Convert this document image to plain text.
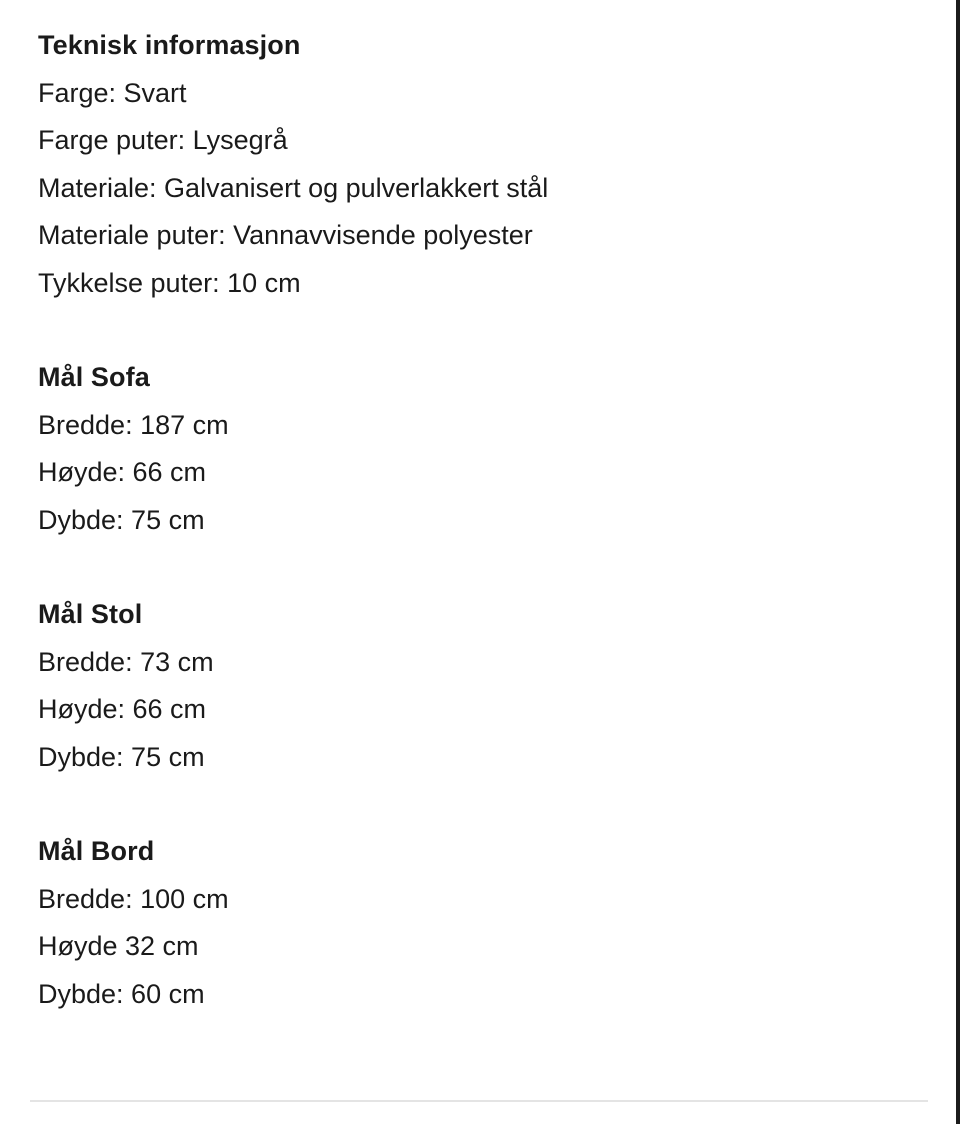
Teknisk informasjon

Farge: Svart

Farge puter: Lysegrå

Materiale: Galvanisert og pulverlakkert stål

Materiale puter: Vannavvisende polyester

Tykkelse puter: 10 cm

Mål Sofa

Bredde: 187 cm

Høyde: 66 cm

Dybde: 75 cm

Mål Stol

Bredde: 73 cm

Høyde: 66 cm

Dybde: 75 cm

Mål Bord

Bredde: 100 cm

Høyde 32 cm

Dybde: 60 cm
